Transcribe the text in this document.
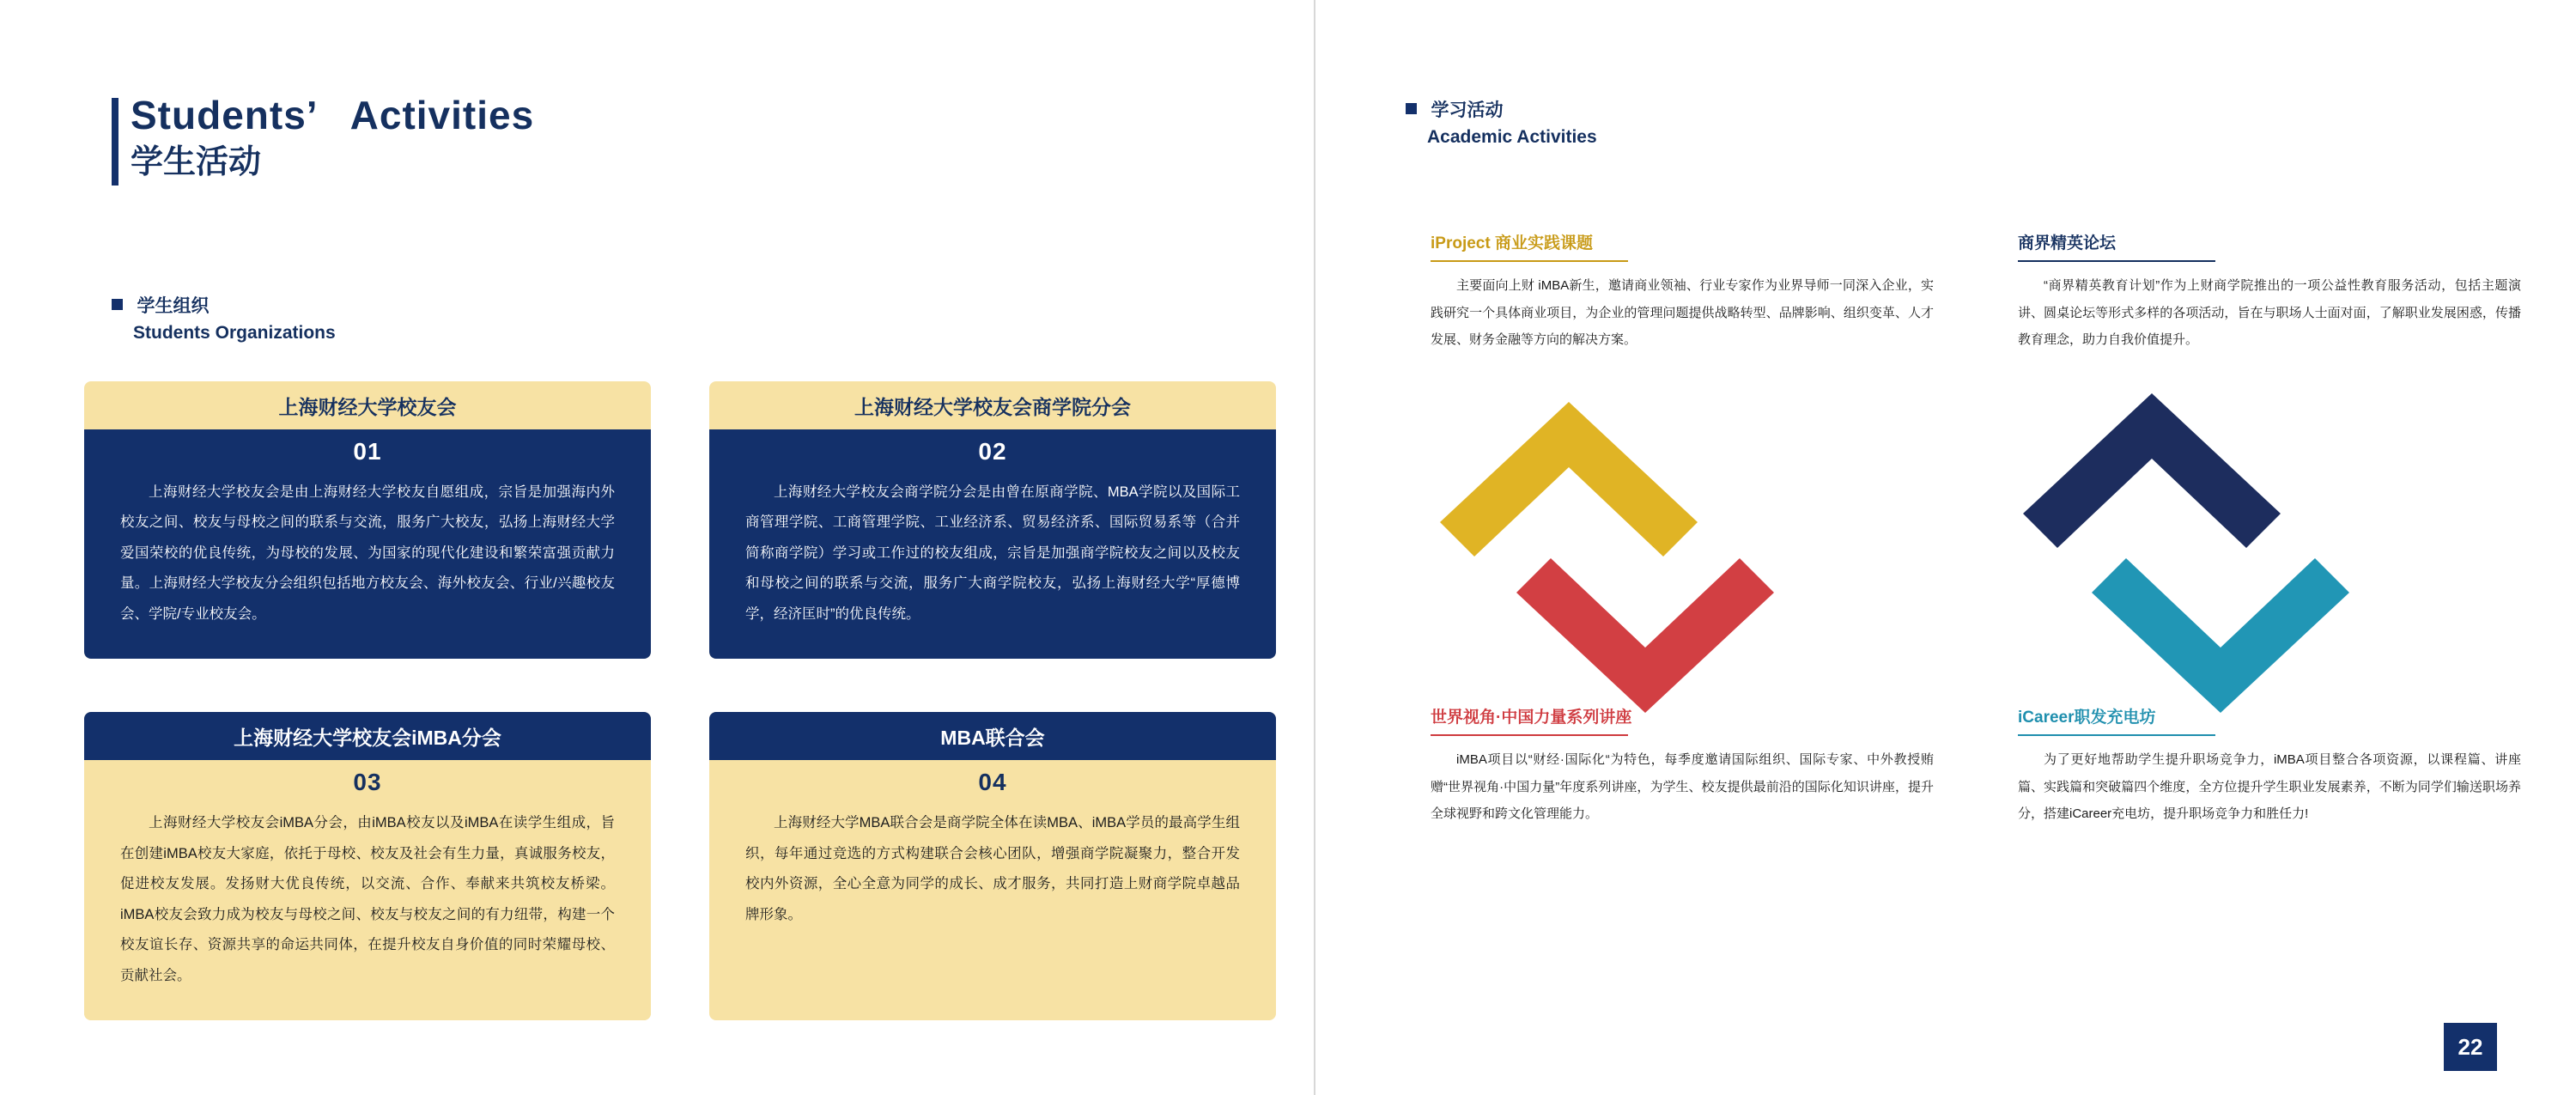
Students’   Activities
学生活动
学生组织
Students Organizations
上海财经大学校友会
01
上海财经大学校友会是由上海财经大学校友自愿组成，宗旨是加强海内外校友之间、校友与母校之间的联系与交流，服务广大校友，弘扬上海财经大学爱国荣校的优良传统，为母校的发展、为国家的现代化建设和繁荣富强贡献力量。上海财经大学校友分会组织包括地方校友会、海外校友会、行业/兴趣校友会、学院/专业校友会。
上海财经大学校友会商学院分会
02
上海财经大学校友会商学院分会是由曾在原商学院、MBA学院以及国际工商管理学院、工商管理学院、工业经济系、贸易经济系、国际贸易系等（合并简称商学院）学习或工作过的校友组成，宗旨是加强商学院校友之间以及校友和母校之间的联系与交流，服务广大商学院校友，弘扬上海财经大学“厚德博学，经济匡时”的优良传统。
上海财经大学校友会iMBA分会
03
上海财经大学校友会iMBA分会，由iMBA校友以及iMBA在读学生组成，旨在创建iMBA校友大家庭，依托于母校、校友及社会有生力量，真诚服务校友，促进校友发展。发扬财大优良传统，以交流、合作、奉献来共筑校友桥梁。iMBA校友会致力成为校友与母校之间、校友与校友之间的有力纽带，构建一个校友谊长存、资源共享的命运共同体，在提升校友自身价值的同时荣耀母校、贡献社会。
MBA联合会
04
上海财经大学MBA联合会是商学院全体在读MBA、iMBA学员的最高学生组织，每年通过竞选的方式构建联合会核心团队，增强商学院凝聚力，整合开发校内外资源，全心全意为同学的成长、成才服务，共同打造上财商学院卓越品牌形象。
学习活动
Academic Activities
iProject 商业实践课题
主要面向上财 iMBA新生，邀请商业领袖、行业专家作为业界导师一同深入企业，实践研究一个具体商业项目，为企业的管理问题提供战略转型、品牌影响、组织变革、人才发展、财务金融等方向的解决方案。
商界精英论坛
“商界精英教育计划”作为上财商学院推出的一项公益性教育服务活动，包括主题演讲、圆桌论坛等形式多样的各项活动，旨在与职场人士面对面，了解职业发展困惑，传播教育理念，助力自我价值提升。
世界视角·中国力量系列讲座
iMBA项目以“财经·国际化“为特色，每季度邀请国际组织、国际专家、中外教授贿赠“世界视角·中国力量”年度系列讲座，为学生、校友提供最前沿的国际化知识讲座，提升全球视野和跨文化管理能力。
iCareer职发充电坊
为了更好地帮助学生提升职场竞争力，iMBA项目整合各项资源，以课程篇、讲座篇、实践篇和突破篇四个维度，全方位提升学生职业发展素养，不断为同学们输送职场养分，搭建iCareer充电坊，提升职场竞争力和胜任力!
22
